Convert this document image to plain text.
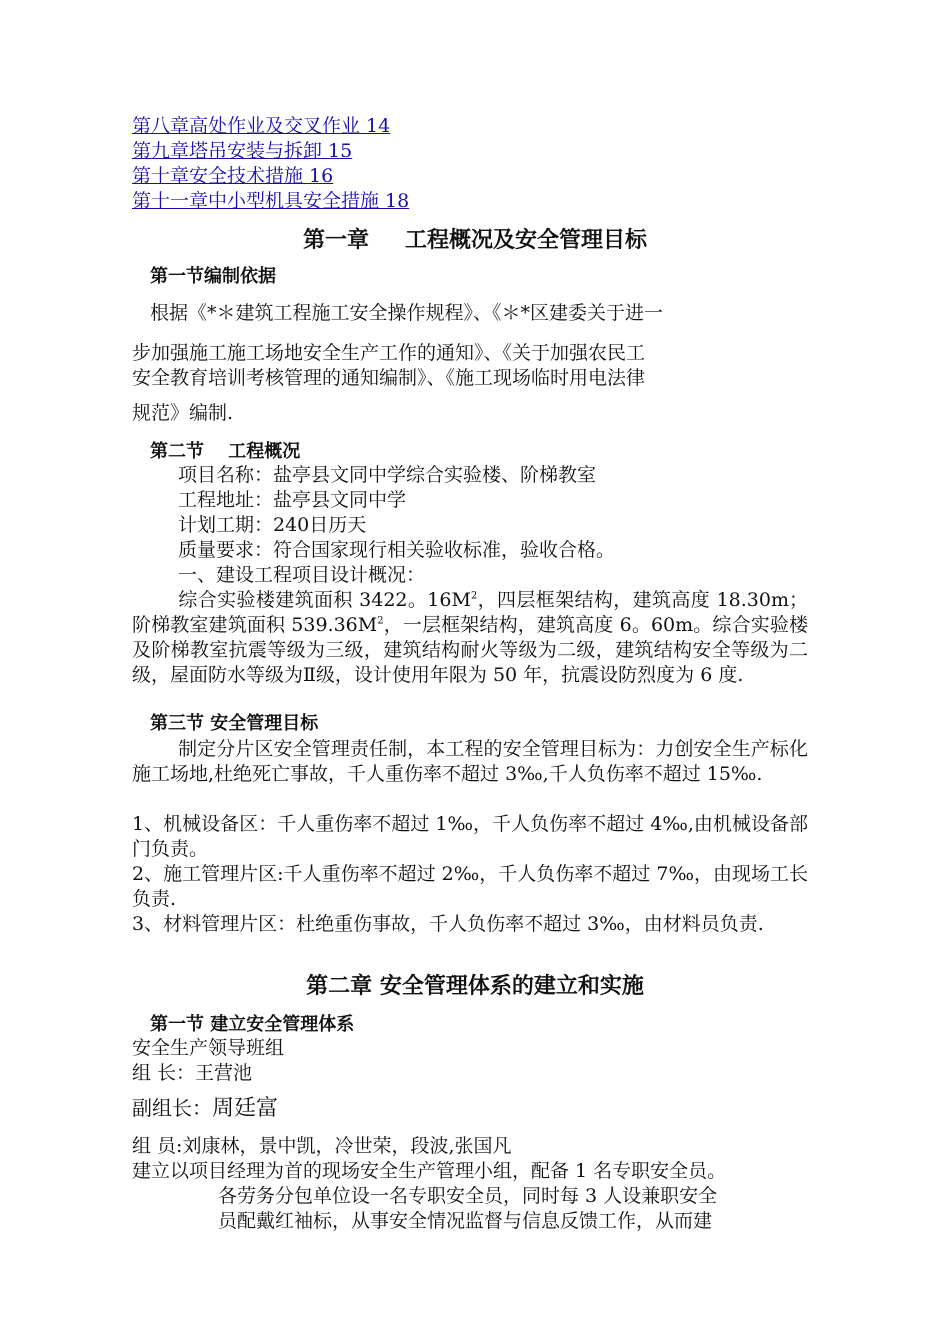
第八章高处作业及交叉作业 14
第九章塔吊安装与拆卸 15
第十章安全技术措施 16
第十一章中小型机具安全措施 18
第一章 工程概况及安全管理目标
第一节编制依据
根据《*＊建筑工程施工安全操作规程》、《＊*区建委关于进一
步加强施工施工场地安全生产工作的通知》、《关于加强农民工
安全教育培训考核管理的通知编制》、《施工现场临时用电法律
规范》编制.
第二节　 工程概况
项目名称：盐亭县文同中学综合实验楼、阶梯教室
工程地址：盐亭县文同中学
计划工期：240日历天
质量要求：符合国家现行相关验收标准，验收合格。
一、建设工程项目设计概况：
综合实验楼建筑面积 3422。$16M^2$，四层框架结构，建筑高度 18.30m；阶梯教室建筑面积 $539.36M^2$，一层框架结构，建筑高度 6。60m。综合实验楼及阶梯教室抗震等级为三级，建筑结构耐火等级为二级，建筑结构安全等级为二级，屋面防水等级为Ⅱ级，设计使用年限为 50 年，抗震设防烈度为 6 度.
第三节 安全管理目标
制定分片区安全管理责任制，本工程的安全管理目标为：力创安全生产标化施工场地,杜绝死亡事故，千人重伤率不超过 3‰,千人负伤率不超过 15‰.
1、机械设备区：千人重伤率不超过 1‰，千人负伤率不超过 4‰,由机械设备部门负责。
2、施工管理片区:千人重伤率不超过 2‰，千人负伤率不超过 7‰，由现场工长负责.
3、材料管理片区：杜绝重伤事故，千人负伤率不超过 3‰，由材料员负责.
第二章 安全管理体系的建立和实施
第一节 建立安全管理体系
安全生产领导班组
组 长：王营池
副组长：周廷富
组 员:刘康林，景中凯，冷世荣，段波,张国凡
建立以项目经理为首的现场安全生产管理小组，配备 1 名专职安全员。
各劳务分包单位设一名专职安全员，同时每 3 人设兼职安全
员配戴红袖标，从事安全情况监督与信息反馈工作，从而建
